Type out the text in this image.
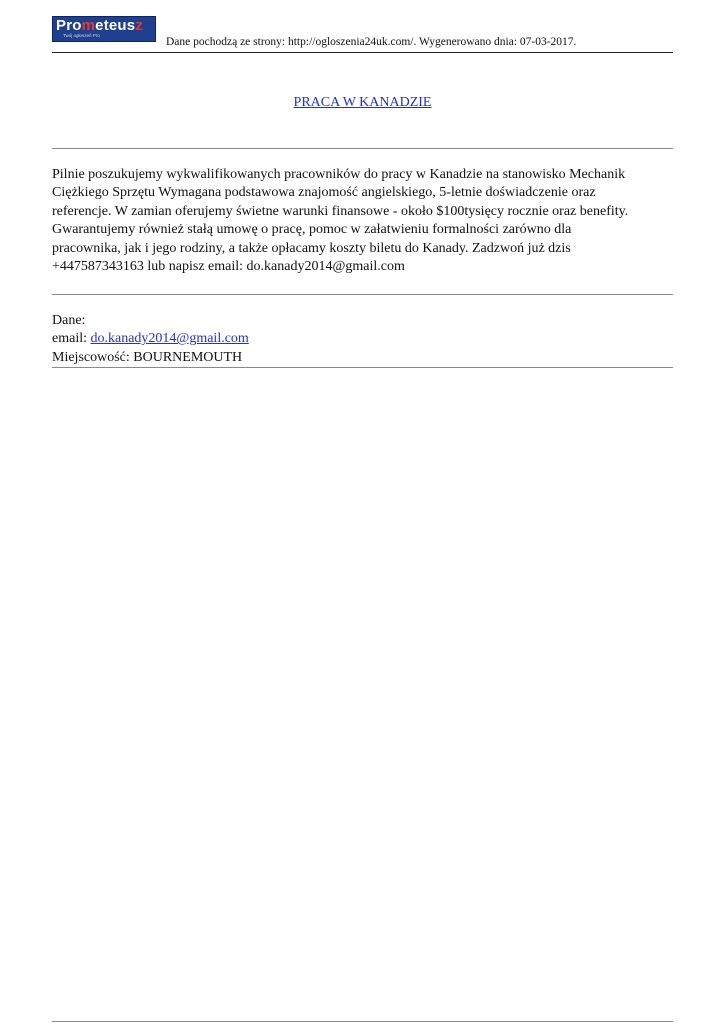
Prometeusz
Twój ogłoszeń Pro
Dane pochodzą ze strony: http://ogloszenia24uk.com/. Wygenerowano dnia: 07-03-2017.
PRACA W KANADZIE
Pilnie poszukujemy wykwalifikowanych pracowników do pracy w Kanadzie na stanowisko Mechanik
Ciężkiego Sprzętu Wymagana podstawowa znajomość angielskiego, 5-letnie doświadczenie oraz
referencje. W zamian oferujemy świetne warunki finansowe - około $100tysięcy rocznie oraz benefity.
Gwarantujemy również stałą umowę o pracę, pomoc w załatwieniu formalności zarówno dla
pracownika, jak i jego rodziny, a także opłacamy koszty biletu do Kanady. Zadzwoń już dzis
+447587343163 lub napisz email: do.kanady2014@gmail.com
Dane:
email: do.kanady2014@gmail.com
Miejscowość: BOURNEMOUTH
